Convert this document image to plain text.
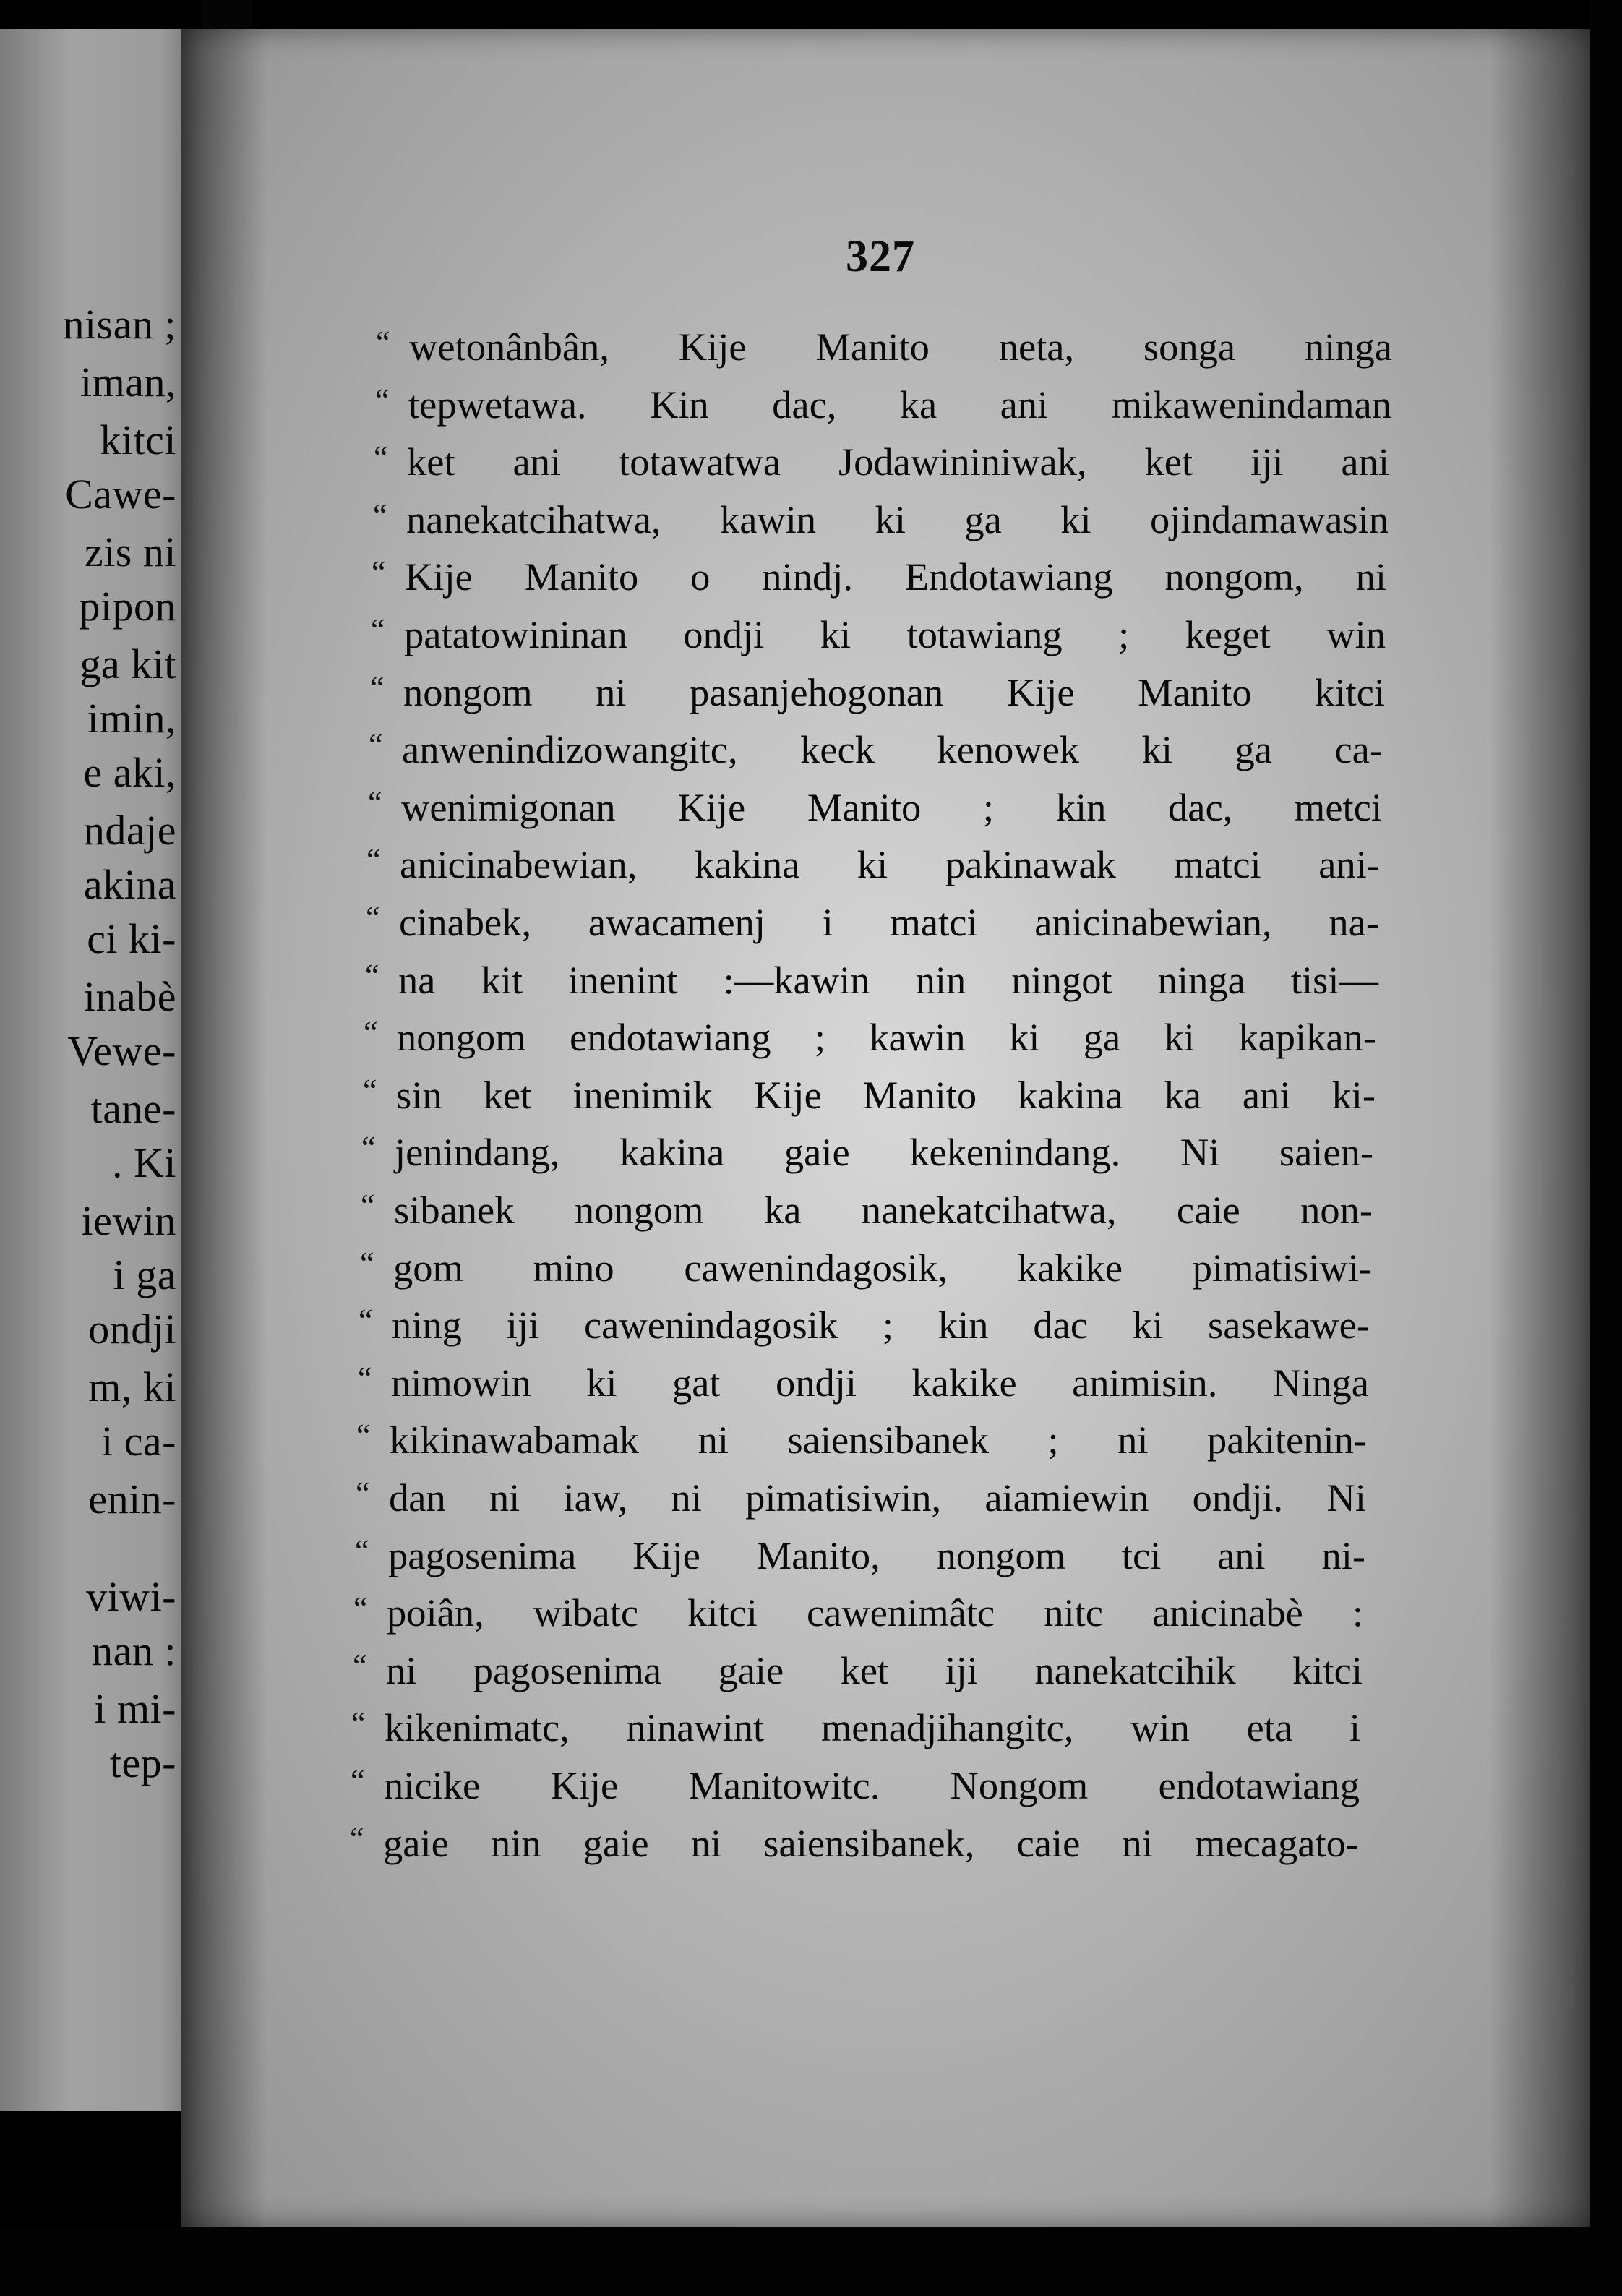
nisan ;
iman,
kitci
Cawe-
zis ni
pipon
ga kit
imin,
e aki,
ndaje
akina
ci ki-
inabè
Vewe-
tane-
. Ki
iewin
i ga
ondji
m, ki
i ca-
enin-
viwi-
nan :
i mi-
tep-
327
“ wetonânbân, Kije Manito neta, songa ninga
“ tepwetawa. Kin dac, ka ani mikawenindaman
“ ket ani totawatwa Jodawininiwak, ket iji ani
“ nanekatcihatwa, kawin ki ga ki ojindamawasin
“ Kije Manito o nindj. Endotawiang nongom, ni
“ patatowininan ondji ki totawiang ; keget win
“ nongom ni pasanjehogonan Kije Manito kitci
“ anwenindizowangitc, keck kenowek ki ga ca-
“ wenimigonan Kije Manito ; kin dac, metci
“ anicinabewian, kakina ki pakinawak matci ani-
“ cinabek, awacamenj i matci anicinabewian, na-
“ na kit inenint :—kawin nin ningot ninga tisi—
“ nongom endotawiang ; kawin ki ga ki kapikan-
“ sin ket inenimik Kije Manito kakina ka ani ki-
“ jenindang, kakina gaie kekenindang. Ni saien-
“ sibanek nongom ka nanekatcihatwa, caie non-
“ gom mino cawenindagosik, kakike pimatisiwi-
“ ning iji cawenindagosik ; kin dac ki sasekawe-
“ nimowin ki gat ondji kakike animisin. Ninga
“ kikinawabamak ni saiensibanek ; ni pakitenin-
“ dan ni iaw, ni pimatisiwin, aiamiewin ondji. Ni
“ pagosenima Kije Manito, nongom tci ani ni-
“ poiân, wibatc kitci cawenimâtc nitc anicinabè :
“ ni pagosenima gaie ket iji nanekatcihik kitci
“ kikenimatc, ninawint menadjihangitc, win eta i
“ nicike Kije Manitowitc. Nongom endotawiang
“ gaie nin gaie ni saiensibanek, caie ni mecagato-
